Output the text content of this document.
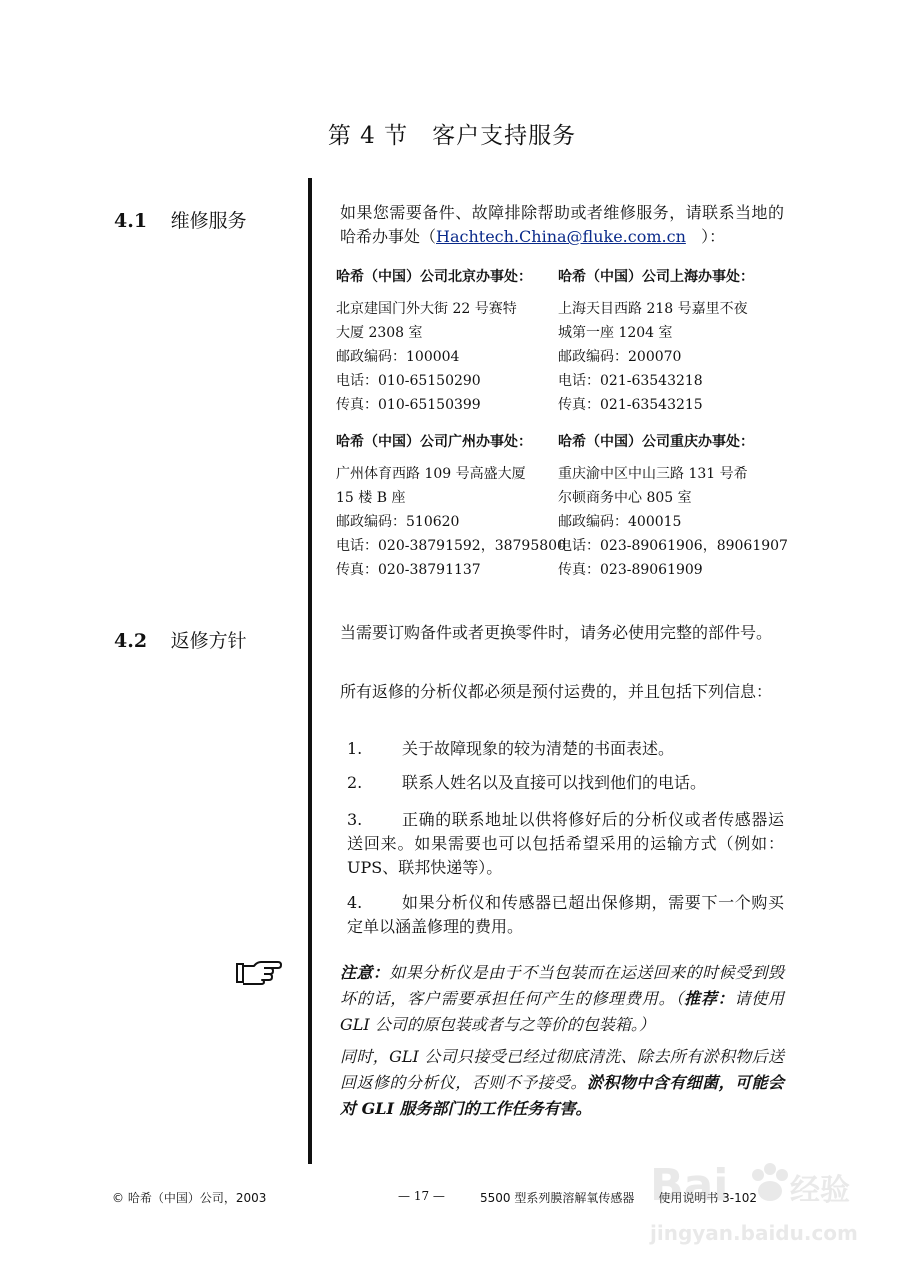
第 4 节　客户支持服务
4.1 维修服务	如果您需要备件、故障排除帮助或者维修服务，请联系当地的哈希办事处（Hachtech.China@fluke.com.cn ）：
哈希（中国）公司北京办事处：
北京建国门外大街 22 号赛特
大厦 2308 室
邮政编码：100004
电话：010-65150290
传真：010-65150399
哈希（中国）公司上海办事处：
上海天目西路 218 号嘉里不夜
城第一座 1204 室
邮政编码：200070
电话：021-63543218
传真：021-63543215
哈希（中国）公司广州办事处：
广州体育西路 109 号高盛大厦
15 楼 B 座
邮政编码：510620
电话：020-38791592，38795800
传真：020-38791137
哈希（中国）公司重庆办事处：
重庆渝中区中山三路 131 号希
尔顿商务中心 805 室
邮政编码：400015
电话：023-89061906，89061907
传真：023-89061909
4.2 返修方针	当需要订购备件或者更换零件时，请务必使用完整的部件号。
所有返修的分析仪都必须是预付运费的，并且包括下列信息：
1.	关于故障现象的较为清楚的书面表述。
2.	联系人姓名以及直接可以找到他们的电话。
3.	正确的联系地址以供将修好后的分析仪或者传感器运送回来。如果需要也可以包括希望采用的运输方式（例如：UPS、联邦快递等）。
4.	如果分析仪和传感器已超出保修期，需要下一个购买定单以涵盖修理的费用。
注意：如果分析仪是由于不当包装而在运送回来的时候受到毁坏的话，客户需要承担任何产生的修理费用。（推荐：请使用 GLI 公司的原包装或者与之等价的包装箱。）
同时，GLI 公司只接受已经过彻底清洗、除去所有淤积物后送回返修的分析仪，否则不予接受。淤积物中含有细菌，可能会对 GLI 服务部门的工作任务有害。
© 哈希（中国）公司，2003	— 17 —	5500 型系列膜溶解氧传感器　　使用说明书 3-102
Bai 经验
jingyan.baidu.com
